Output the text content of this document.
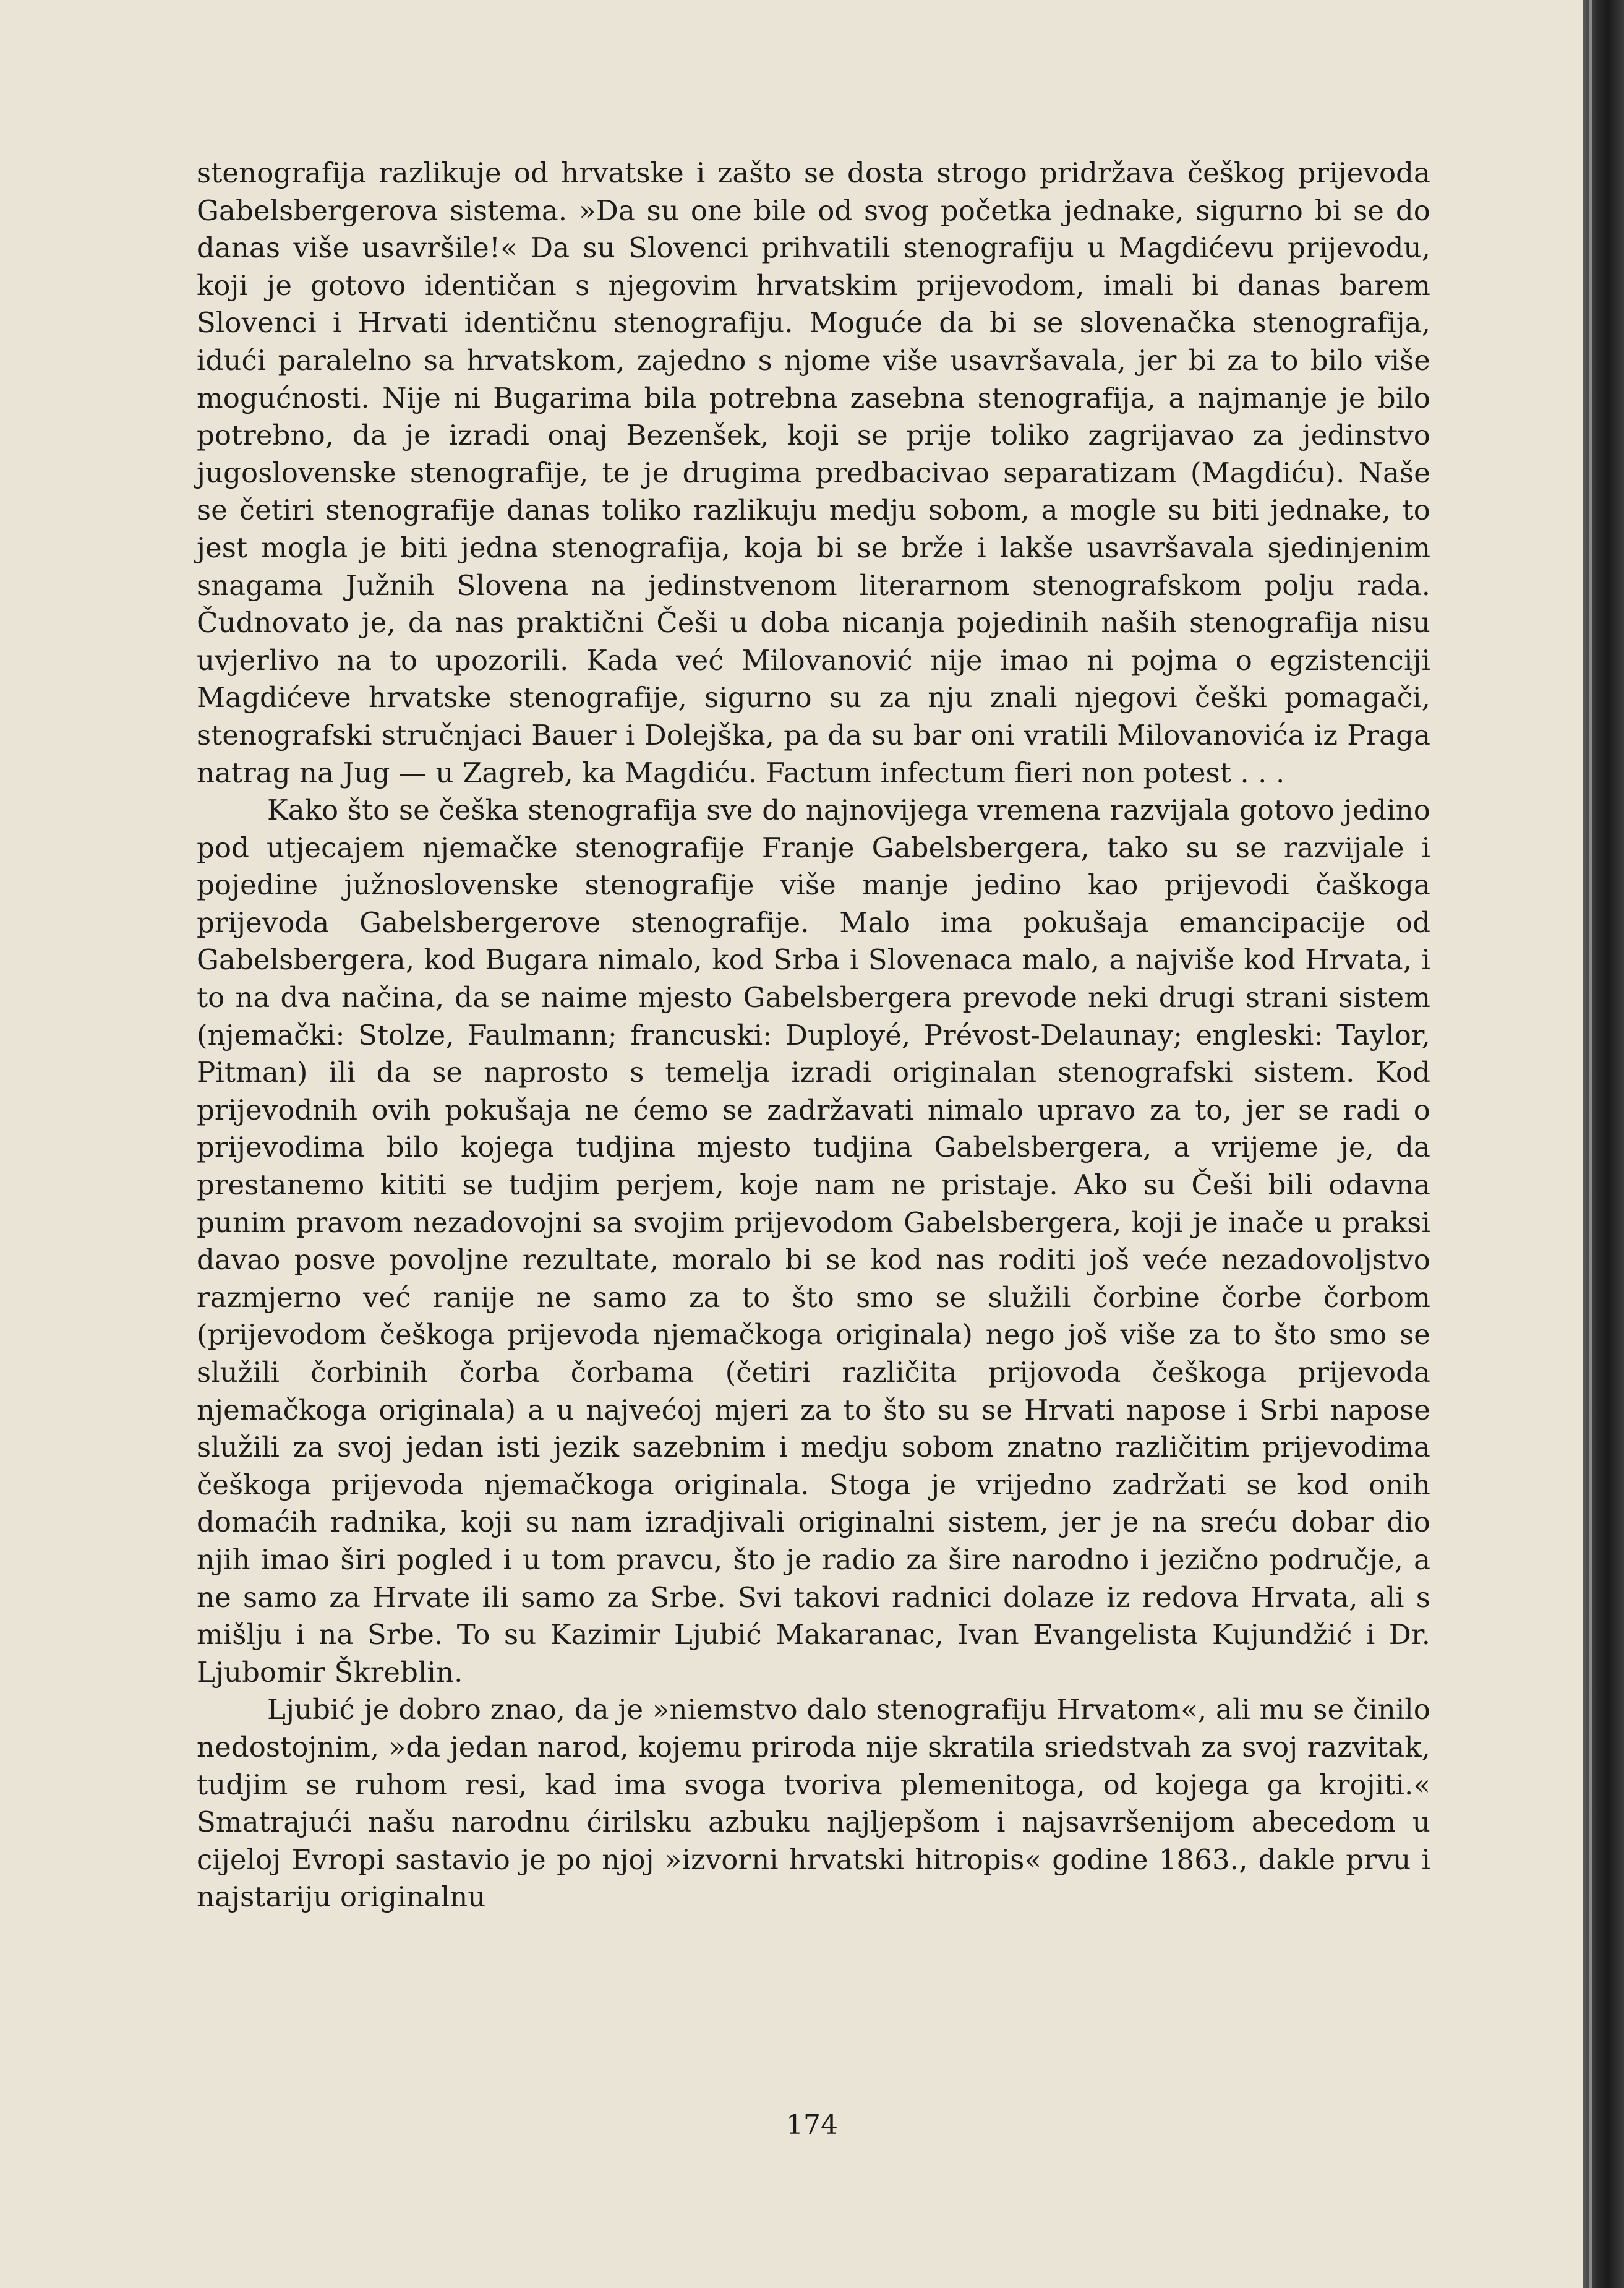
stenografija razlikuje od hrvatske i zašto se dosta strogo pridržava češkog prijevoda Gabelsbergerova sistema. »Da su one bile od svog početka jednake, sigurno bi se do danas više usavršile!« Da su Slovenci prihvatili stenografiju u Magdićevu prijevodu, koji je gotovo identičan s njegovim hrvatskim prijevodom, imali bi danas barem Slovenci i Hrvati identičnu stenografiju. Moguće da bi se slovenačka stenografija, idući paralelno sa hrvatskom, zajedno s njome više usavršavala, jer bi za to bilo više mogućnosti. Nije ni Bugarima bila potrebna zasebna stenografija, a najmanje je bilo potrebno, da je izradi onaj Bezenšek, koji se prije toliko zagrijavao za jedinstvo jugoslovenske stenografije, te je drugima predbacivao separatizam (Magdiću). Naše se četiri stenografije danas toliko razlikuju medju sobom, a mogle su biti jednake, to jest mogla je biti jedna stenografija, koja bi se brže i lakše usavršavala sjedinjenim snagama Južnih Slovena na jedinstvenom literarnom stenografskom polju rada. Čudnovato je, da nas praktični Češi u doba nicanja pojedinih naših stenografija nisu uvjerlivo na to upozorili. Kada već Milovanović nije imao ni pojma o egzistenciji Magdićeve hrvatske stenografije, sigurno su za nju znali njegovi češki pomagači, stenografski stručnjaci Bauer i Dolejška, pa da su bar oni vratili Milovanovića iz Praga natrag na Jug — u Zagreb, ka Magdiću. Factum infectum fieri non potest . . .

Kako što se češka stenografija sve do najnovijega vremena razvijala gotovo jedino pod utjecajem njemačke stenografije Franje Gabelsbergera, tako su se razvijale i pojedine južnoslovenske stenografije više manje jedino kao prijevodi čaškoga prijevoda Gabelsbergerove stenografije. Malo ima pokušaja emancipacije od Gabelsbergera, kod Bugara nimalo, kod Srba i Slovenaca malo, a najviše kod Hrvata, i to na dva načina, da se naime mjesto Gabelsbergera prevode neki drugi strani sistem (njemački: Stolze, Faulmann; francuski: Duployé, Prévost-Delaunay; engleski: Taylor, Pitman) ili da se naprosto s temelja izradi originalan stenografski sistem. Kod prijevodnih ovih pokušaja ne ćemo se zadržavati nimalo upravo za to, jer se radi o prijevodima bilo kojega tudjina mjesto tudjina Gabelsbergera, a vrijeme je, da prestanemo kititi se tudjim perjem, koje nam ne pristaje. Ako su Češi bili odavna punim pravom nezadovojni sa svojim prijevodom Gabelsbergera, koji je inače u praksi davao posve povoljne rezultate, moralo bi se kod nas roditi još veće nezadovoljstvo razmjerno već ranije ne samo za to što smo se služili čorbine čorbe čorbom (prijevodom češkoga prijevoda njemačkoga originala) nego još više za to što smo se služili čorbinih čorba čorbama (četiri različita prijovoda češkoga prijevoda njemačkoga originala) a u najvećoj mjeri za to što su se Hrvati napose i Srbi napose služili za svoj jedan isti jezik sazebnim i medju sobom znatno različitim prijevodima češkoga prijevoda njemačkoga originala. Stoga je vrijedno zadržati se kod onih domaćih radnika, koji su nam izradjivali originalni sistem, jer je na sreću dobar dio njih imao širi pogled i u tom pravcu, što je radio za šire narodno i jezično područje, a ne samo za Hrvate ili samo za Srbe. Svi takovi radnici dolaze iz redova Hrvata, ali s mišlju i na Srbe. To su Kazimir Ljubić Makaranac, Ivan Evangelista Kujundžić i Dr. Ljubomir Škreblin.

Ljubić je dobro znao, da je »niemstvo dalo stenografiju Hrvatom«, ali mu se činilo nedostojnim, »da jedan narod, kojemu priroda nije skratila sriedstvah za svoj razvitak, tudjim se ruhom resi, kad ima svoga tvoriva plemenitoga, od kojega ga krojiti.« Smatrajući našu narodnu ćirilsku azbuku najljepšom i najsavršenijom abecedom u cijeloj Evropi sastavio je po njoj »izvorni hrvatski hitropis« godine 1863., dakle prvu i najstariju originalnu

174
